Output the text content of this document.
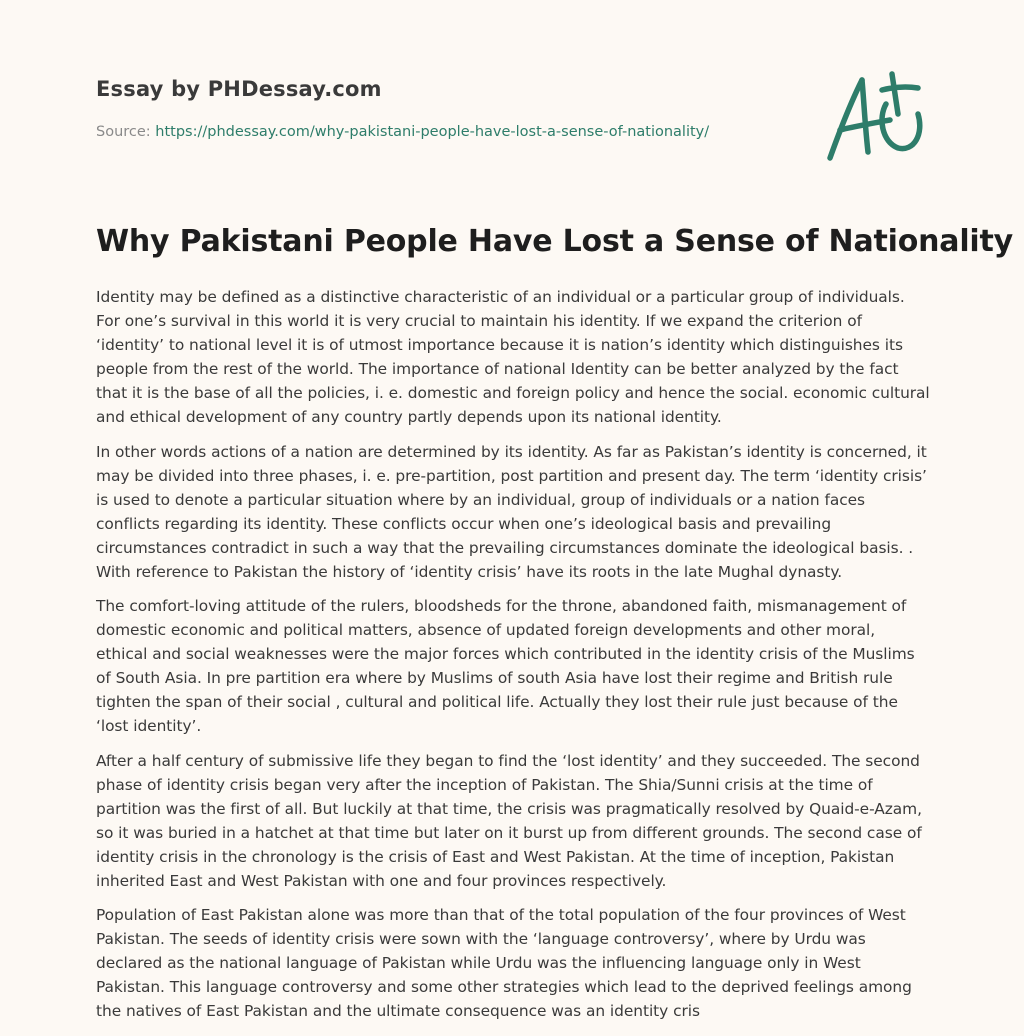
Essay by PHDessay.com

Source: https://phdessay.com/why-pakistani-people-have-lost-a-sense-of-nationality/

Why Pakistani People Have Lost a Sense of Nationality

Identity may be defined as a distinctive characteristic of an individual or a particular group of individuals. For one’s survival in this world it is very crucial to maintain his identity. If we expand the criterion of ‘identity’ to national level it is of utmost importance because it is nation’s identity which distinguishes its people from the rest of the world. The importance of national Identity can be better analyzed by the fact that it is the base of all the policies, i. e. domestic and foreign policy and hence the social. economic cultural and ethical development of any country partly depends upon its national identity.

In other words actions of a nation are determined by its identity. As far as Pakistan’s identity is concerned, it may be divided into three phases, i. e. pre-partition, post partition and present day. The term ‘identity crisis’ is used to denote a particular situation where by an individual, group of individuals or a nation faces conflicts regarding its identity. These conflicts occur when one’s ideological basis and prevailing circumstances contradict in such a way that the prevailing circumstances dominate the ideological basis. . With reference to Pakistan the history of ‘identity crisis’ have its roots in the late Mughal dynasty.

The comfort-loving attitude of the rulers, bloodsheds for the throne, abandoned faith, mismanagement of domestic economic and political matters, absence of updated foreign developments and other moral, ethical and social weaknesses were the major forces which contributed in the identity crisis of the Muslims of South Asia. In pre partition era where by Muslims of south Asia have lost their regime and British rule tighten the span of their social , cultural and political life. Actually they lost their rule just because of the ‘lost identity’.

After a half century of submissive life they began to find the ‘lost identity’ and they succeeded. The second phase of identity crisis began very after the inception of Pakistan. The Shia/Sunni crisis at the time of partition was the first of all. But luckily at that time, the crisis was pragmatically resolved by Quaid-e-Azam, so it was buried in a hatchet at that time but later on it burst up from different grounds. The second case of identity crisis in the chronology is the crisis of East and West Pakistan. At the time of inception, Pakistan inherited East and West Pakistan with one and four provinces respectively.

Population of East Pakistan alone was more than that of the total population of the four provinces of West Pakistan. The seeds of identity crisis were sown with the ‘language controversy’, where by Urdu was declared as the national language of Pakistan while Urdu was the influencing language only in West Pakistan. This language controversy and some other strategies which lead to the deprived feelings among the natives of East Pakistan and the ultimate consequence was an identity cris
